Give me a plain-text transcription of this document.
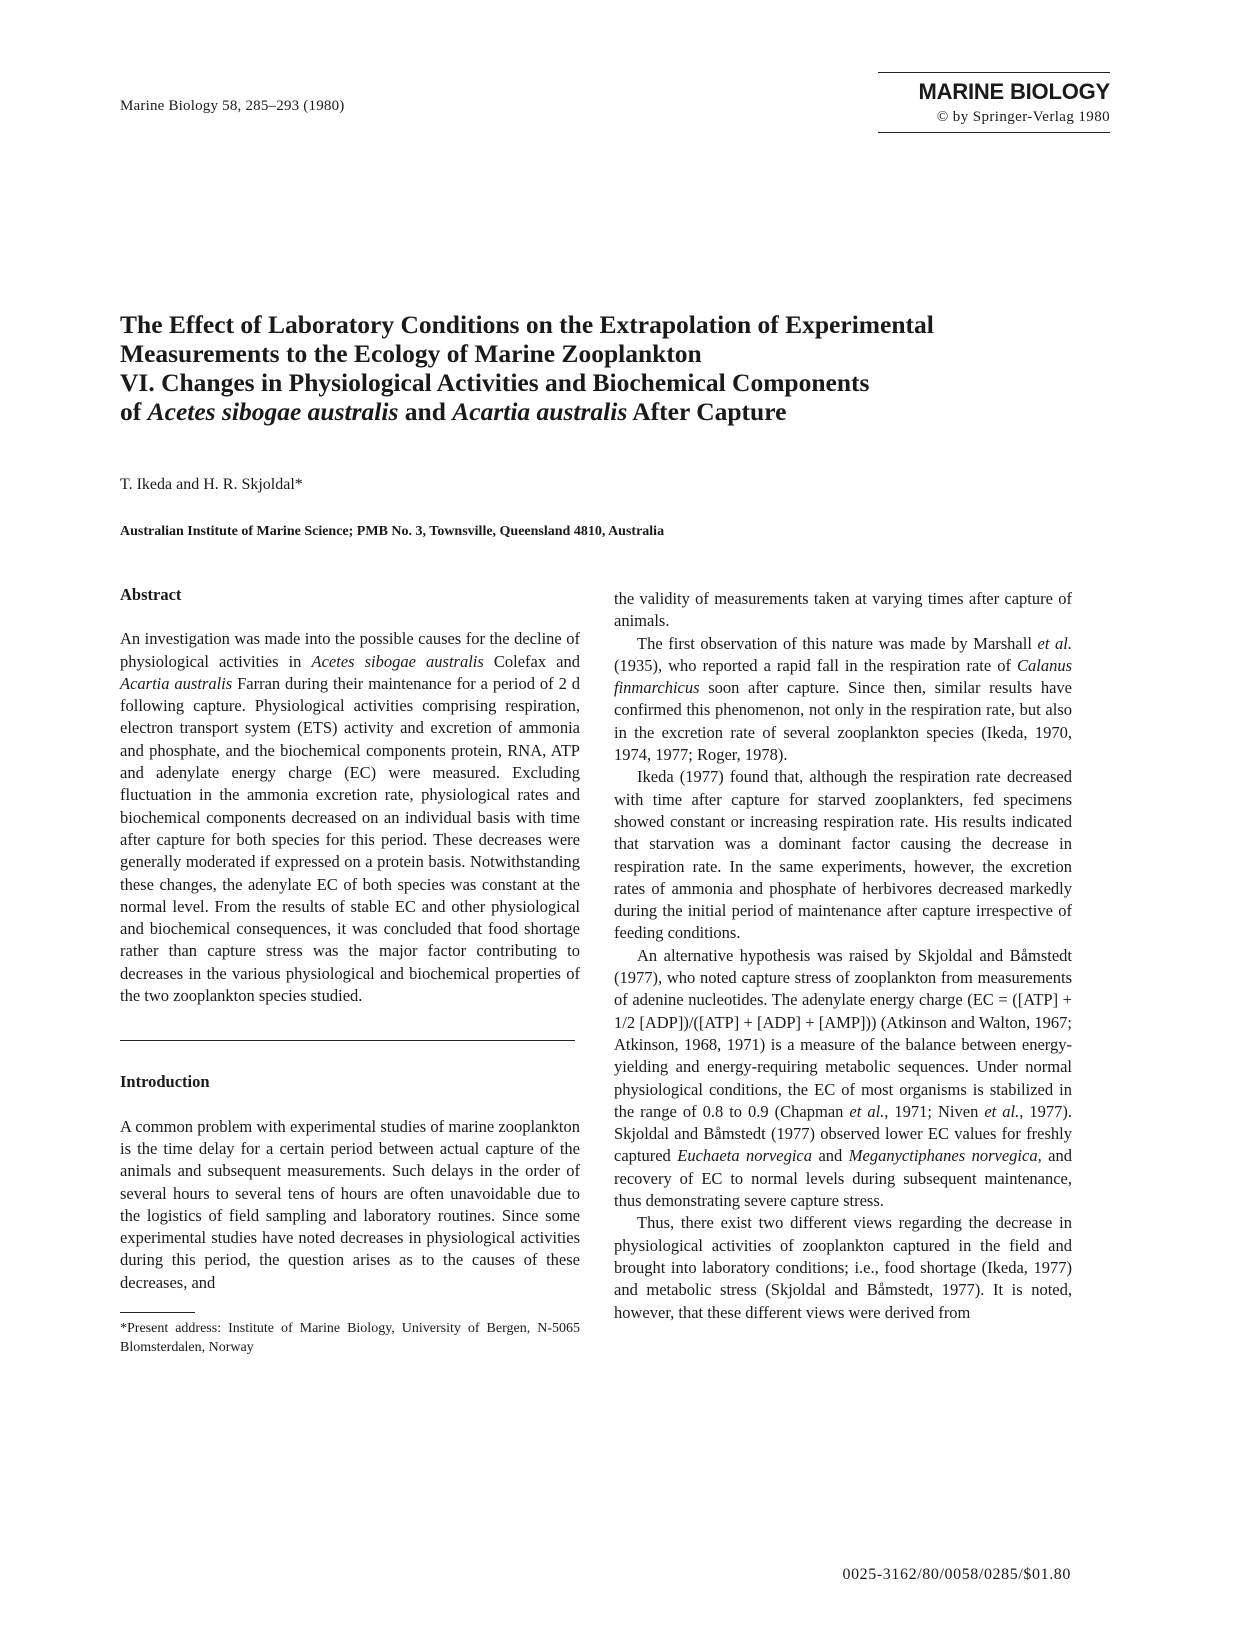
Marine Biology 58, 285–293 (1980)
MARINE BIOLOGY
© by Springer-Verlag 1980
The Effect of Laboratory Conditions on the Extrapolation of Experimental
Measurements to the Ecology of Marine Zooplankton
VI. Changes in Physiological Activities and Biochemical Components
of Acetes sibogae australis and Acartia australis After Capture
T. Ikeda and H. R. Skjoldal*
Australian Institute of Marine Science; PMB No. 3, Townsville, Queensland 4810, Australia
Abstract

An investigation was made into the possible causes for the decline of physiological activities in Acetes sibogae australis Colefax and Acartia australis Farran during their maintenance for a period of 2 d following capture. Physiological activities comprising respiration, electron transport system (ETS) activity and excretion of ammonia and phosphate, and the biochemical components protein, RNA, ATP and adenylate energy charge (EC) were measured. Excluding fluctuation in the ammonia excretion rate, physiological rates and biochemical components decreased on an individual basis with time after capture for both species for this period. These decreases were generally moderated if expressed on a protein basis. Notwithstanding these changes, the adenylate EC of both species was constant at the normal level. From the results of stable EC and other physiological and biochemical consequences, it was concluded that food shortage rather than capture stress was the major factor contributing to decreases in the various physiological and biochemical properties of the two zooplankton species studied.

Introduction

A common problem with experimental studies of marine zooplankton is the time delay for a certain period between actual capture of the animals and subsequent measurements. Such delays in the order of several hours to several tens of hours are often unavoidable due to the logistics of field sampling and laboratory routines. Since some experimental studies have noted decreases in physiological activities during this period, the question arises as to the causes of these decreases, and

*Present address: Institute of Marine Biology, University of Bergen, N-5065 Blomsterdalen, Norway

the validity of measurements taken at varying times after capture of animals.

The first observation of this nature was made by Marshall et al. (1935), who reported a rapid fall in the respiration rate of Calanus finmarchicus soon after capture. Since then, similar results have confirmed this phenomenon, not only in the respiration rate, but also in the excretion rate of several zooplankton species (Ikeda, 1970, 1974, 1977; Roger, 1978).

Ikeda (1977) found that, although the respiration rate decreased with time after capture for starved zooplankters, fed specimens showed constant or increasing respiration rate. His results indicated that starvation was a dominant factor causing the decrease in respiration rate. In the same experiments, however, the excretion rates of ammonia and phosphate of herbivores decreased markedly during the initial period of maintenance after capture irrespective of feeding conditions.

An alternative hypothesis was raised by Skjoldal and Båmstedt (1977), who noted capture stress of zooplankton from measurements of adenine nucleotides. The adenylate energy charge (EC = ([ATP] + 1/2 [ADP])/([ATP] + [ADP] + [AMP])) (Atkinson and Walton, 1967; Atkinson, 1968, 1971) is a measure of the balance between energy-yielding and energy-requiring metabolic sequences. Under normal physiological conditions, the EC of most organisms is stabilized in the range of 0.8 to 0.9 (Chapman et al., 1971; Niven et al., 1977). Skjoldal and Båmstedt (1977) observed lower EC values for freshly captured Euchaeta norvegica and Meganyctiphanes norvegica, and recovery of EC to normal levels during subsequent maintenance, thus demonstrating severe capture stress.

Thus, there exist two different views regarding the decrease in physiological activities of zooplankton captured in the field and brought into laboratory conditions; i.e., food shortage (Ikeda, 1977) and metabolic stress (Skjoldal and Båmstedt, 1977). It is noted, however, that these different views were derived from

0025-3162/80/0058/0285/$01.80
